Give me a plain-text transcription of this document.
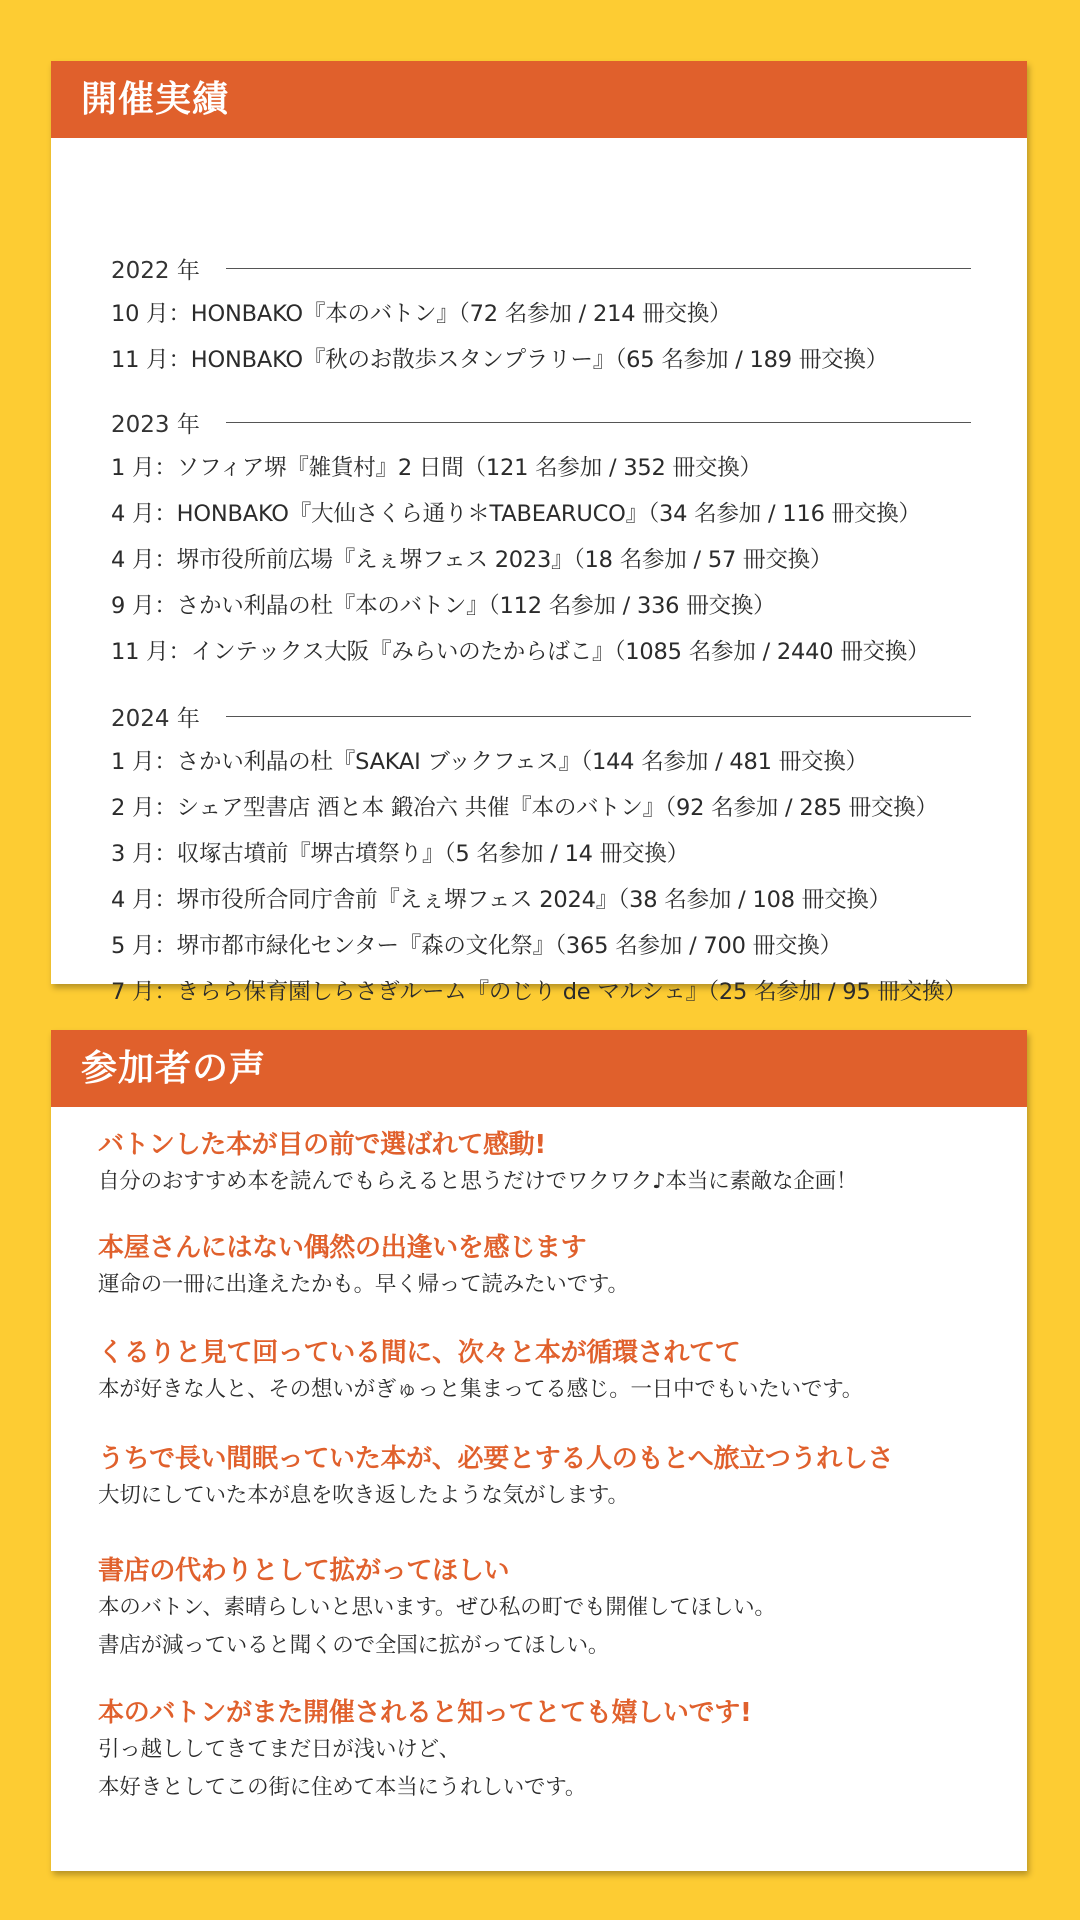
開催実績
2022 年
10 月：HONBAKO『本のバトン』（72 名参加 / 214 冊交換）
11 月：HONBAKO『秋のお散歩スタンプラリー』（65 名参加 / 189 冊交換）
2023 年
1 月：ソフィア堺『雑貨村』2 日間（121 名参加 / 352 冊交換）
4 月：HONBAKO『大仙さくら通り＊TABEARUCO』（34 名参加 / 116 冊交換）
4 月：堺市役所前広場『えぇ堺フェス 2023』（18 名参加 / 57 冊交換）
9 月：さかい利晶の杜『本のバトン』（112 名参加 / 336 冊交換）
11 月：インテックス大阪『みらいのたからばこ』（1085 名参加 / 2440 冊交換）
2024 年
1 月：さかい利晶の杜『SAKAI ブックフェス』（144 名参加 / 481 冊交換）
2 月：シェア型書店 酒と本 鍛冶六 共催『本のバトン』（92 名参加 / 285 冊交換）
3 月：収塚古墳前『堺古墳祭り』（5 名参加 / 14 冊交換）
4 月：堺市役所合同庁舎前『えぇ堺フェス 2024』（38 名参加 / 108 冊交換）
5 月：堺市都市緑化センター『森の文化祭』（365 名参加 / 700 冊交換）
7 月：きらら保育園しらさぎルーム『のじり de マルシェ』（25 名参加 / 95 冊交換）
参加者の声
バトンした本が目の前で選ばれて感動!
自分のおすすめ本を読んでもらえると思うだけでワクワク♪本当に素敵な企画！
本屋さんにはない偶然の出逢いを感じます
運命の一冊に出逢えたかも。早く帰って読みたいです。
くるりと見て回っている間に、次々と本が循環されてて
本が好きな人と、その想いがぎゅっと集まってる感じ。一日中でもいたいです。
うちで長い間眠っていた本が、必要とする人のもとへ旅立つうれしさ
大切にしていた本が息を吹き返したような気がします。
書店の代わりとして拡がってほしい
本のバトン、素晴らしいと思います。ぜひ私の町でも開催してほしい。
書店が減っていると聞くので全国に拡がってほしい。
本のバトンがまた開催されると知ってとても嬉しいです!
引っ越ししてきてまだ日が浅いけど、
本好きとしてこの街に住めて本当にうれしいです。
